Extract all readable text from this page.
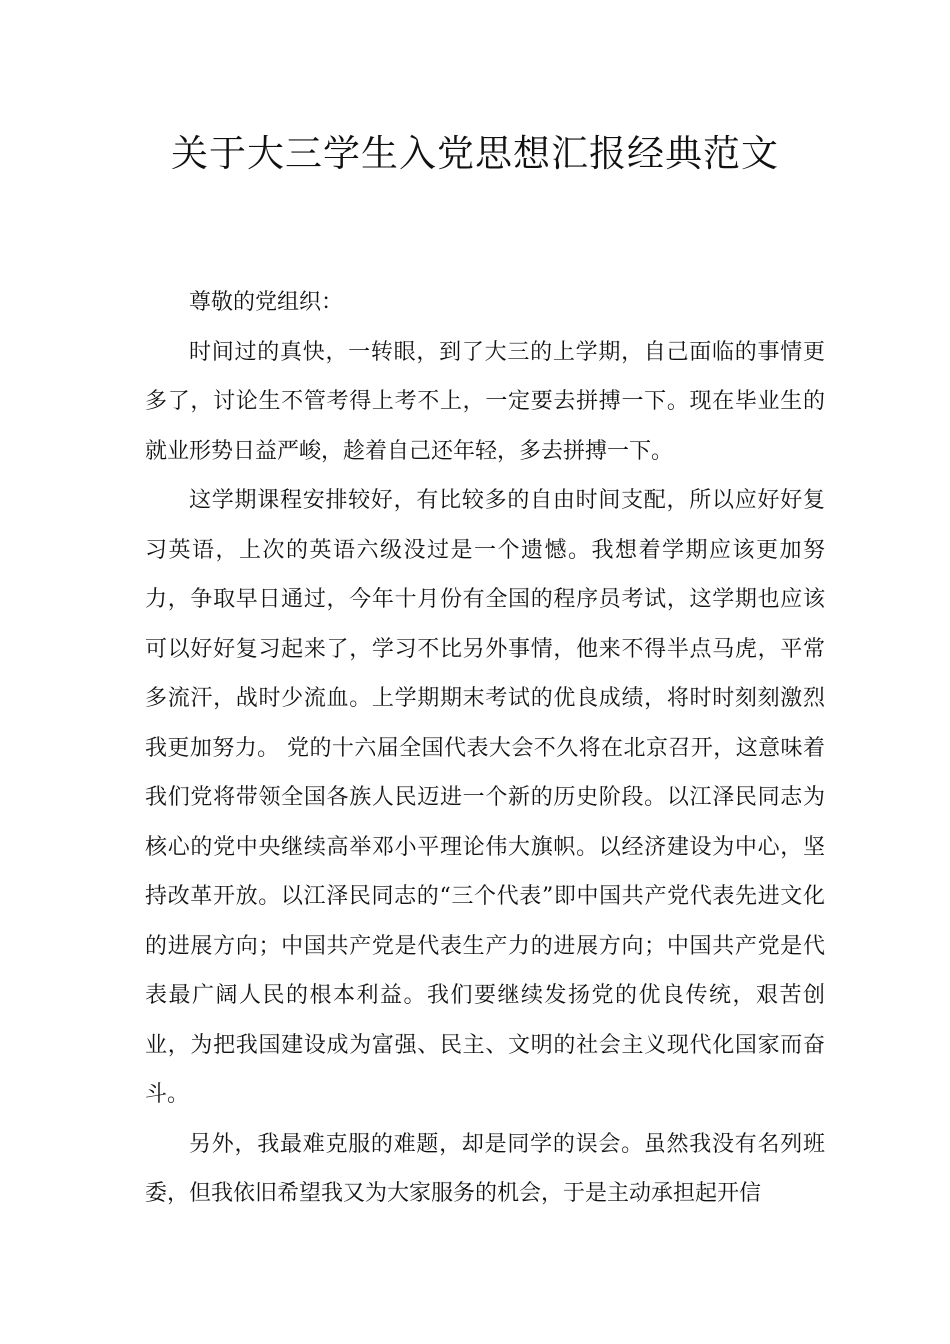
关于大三学生入党思想汇报经典范文

尊敬的党组织：

时间过的真快，一转眼，到了大三的上学期，自己面临的事情更多了，讨论生不管考得上考不上，一定要去拼搏一下。现在毕业生的就业形势日益严峻，趁着自己还年轻，多去拼搏一下。

这学期课程安排较好，有比较多的自由时间支配，所以应好好复习英语，上次的英语六级没过是一个遗憾。我想着学期应该更加努力，争取早日通过，今年十月份有全国的程序员考试，这学期也应该可以好好复习起来了，学习不比另外事情，他来不得半点马虎，平常多流汗，战时少流血。上学期期末考试的优良成绩，将时时刻刻激烈我更加努力。 党的十六届全国代表大会不久将在北京召开，这意味着我们党将带领全国各族人民迈进一个新的历史阶段。以江泽民同志为核心的党中央继续高举邓小平理论伟大旗帜。以经济建设为中心，坚持改革开放。以江泽民同志的“三个代表”即中国共产党代表先进文化的进展方向；中国共产党是代表生产力的进展方向；中国共产党是代表最广阔人民的根本利益。我们要继续发扬党的优良传统，艰苦创业，为把我国建设成为富强、民主、文明的社会主义现代化国家而奋斗。

另外，我最难克服的难题，却是同学的误会。虽然我没有名列班委，但我依旧希望我又为大家服务的机会，于是主动承担起开信
